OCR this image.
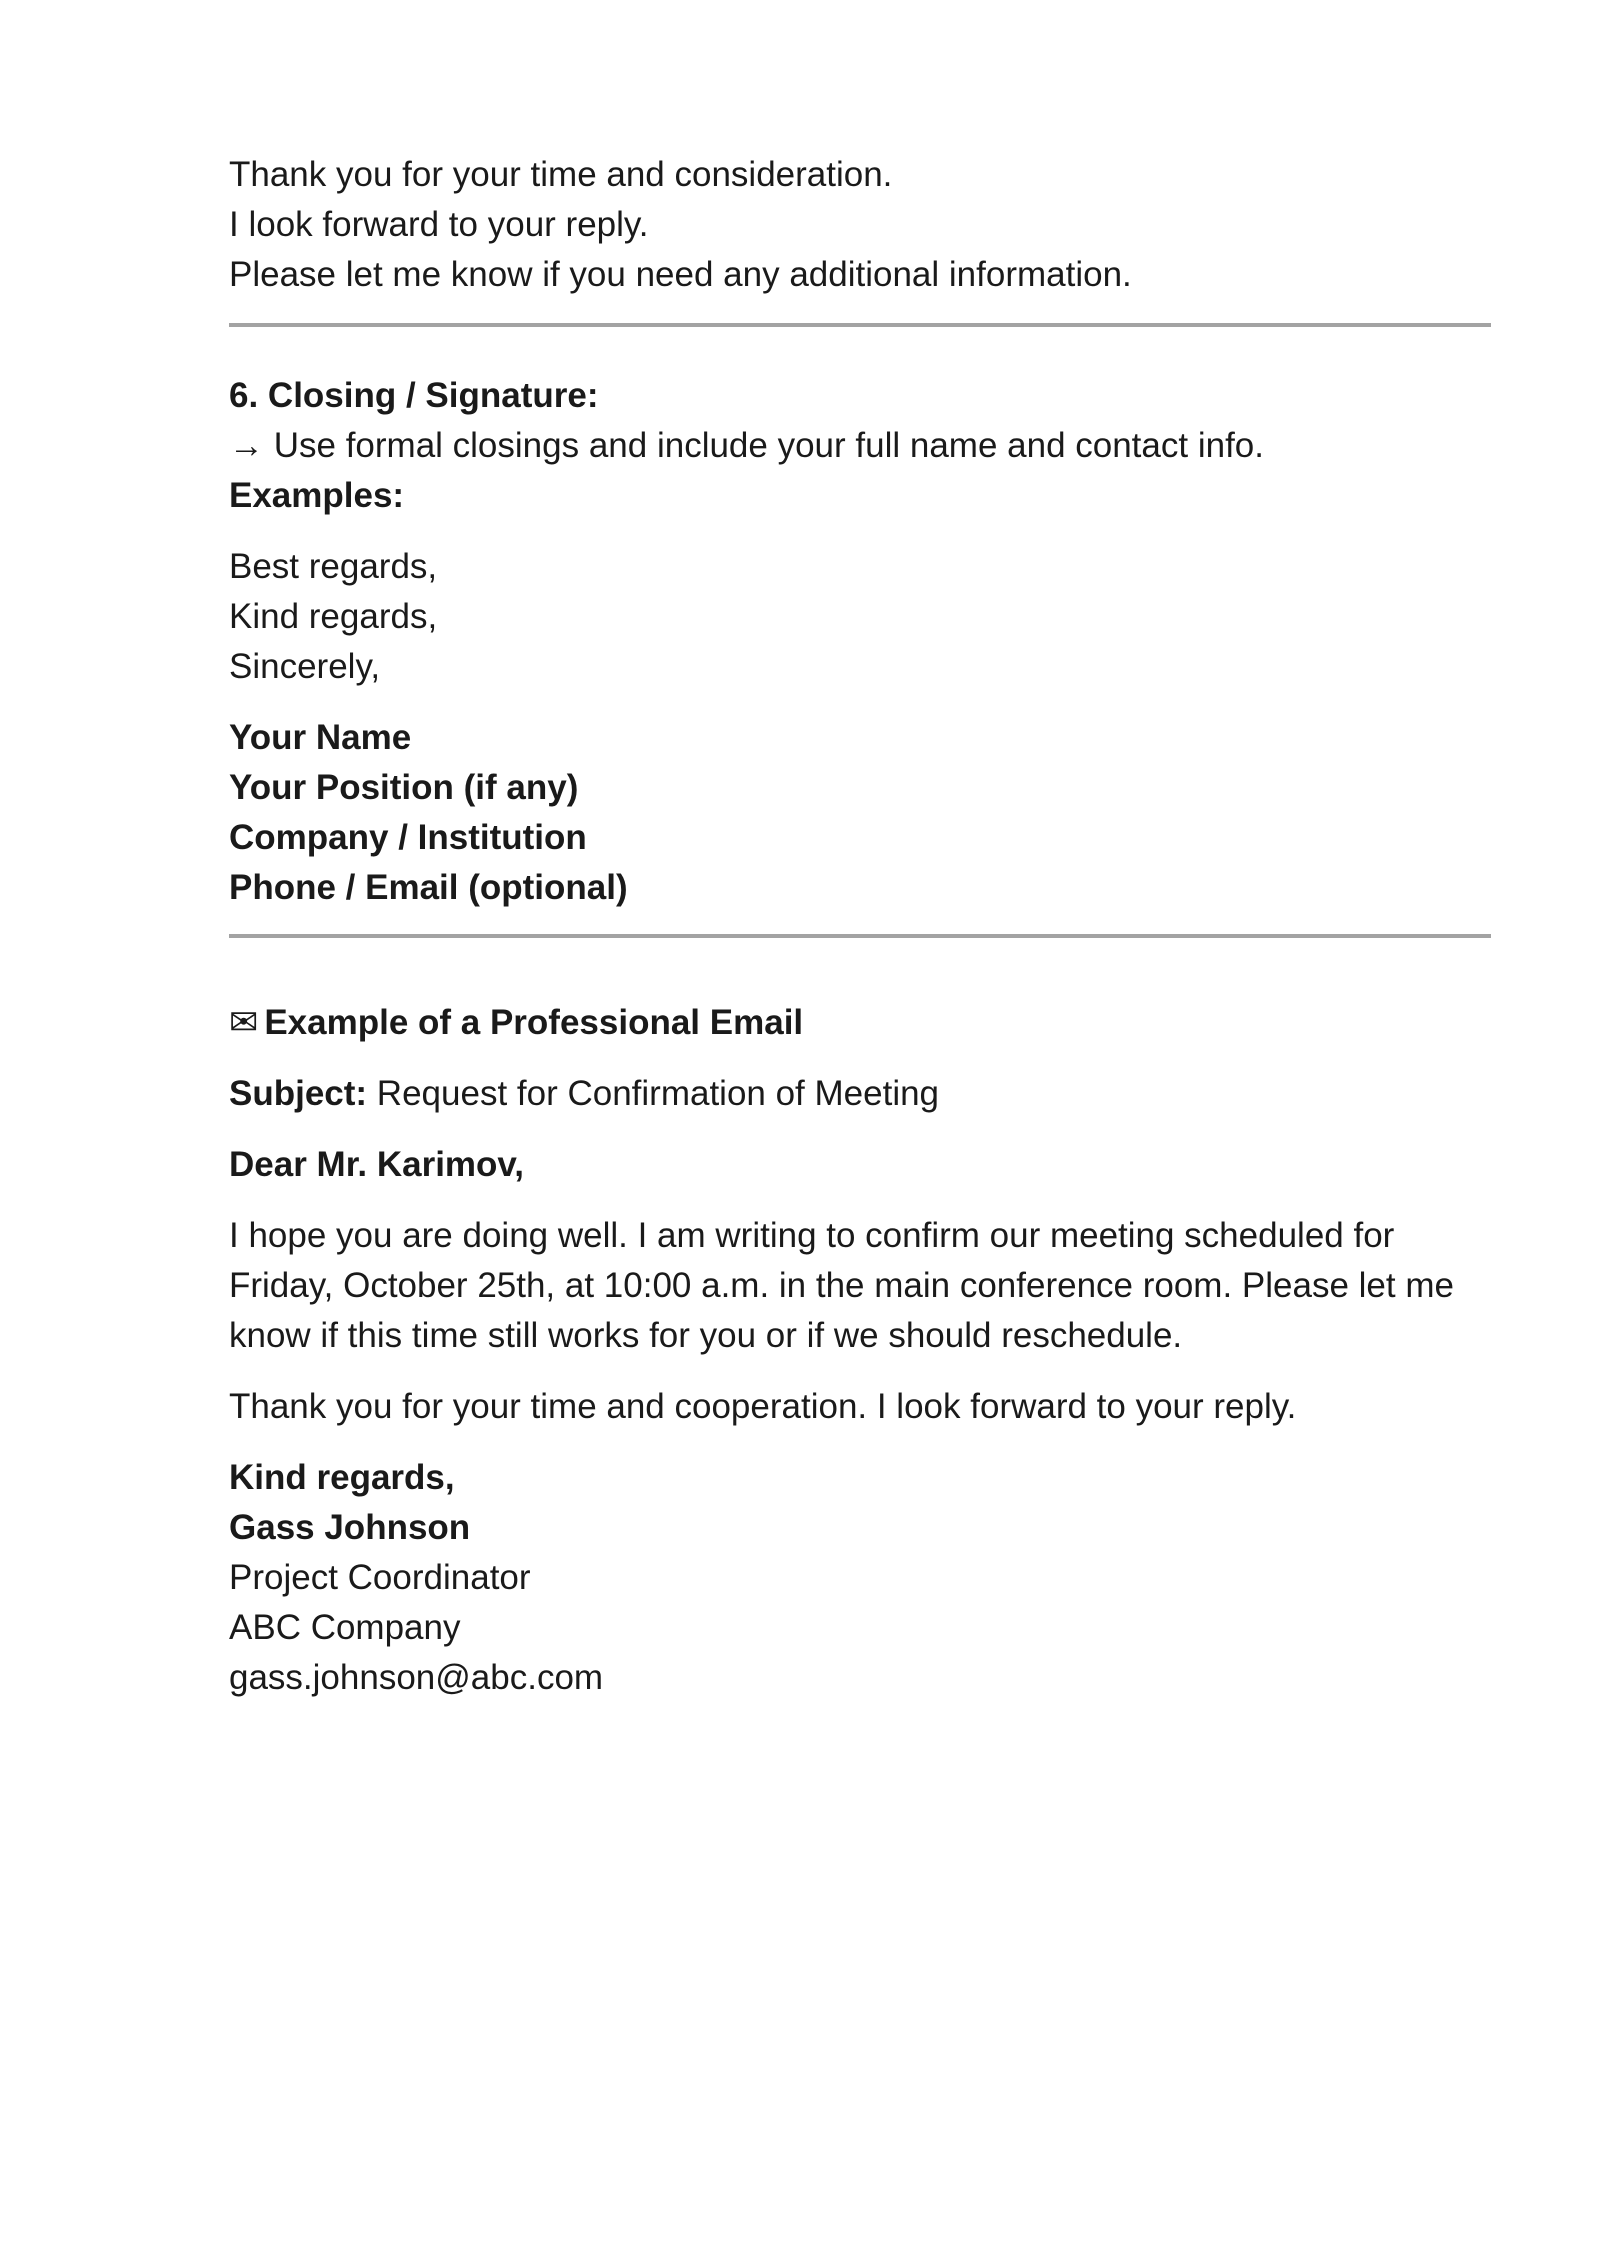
Thank you for your time and consideration.
I look forward to your reply.
Please let me know if you need any additional information.
6. Closing / Signature:
→ Use formal closings and include your full name and contact info.
Examples:
Best regards,
Kind regards,
Sincerely,
Your Name
Your Position (if any)
Company / Institution
Phone / Email (optional)
✉ Example of a Professional Email
Subject: Request for Confirmation of Meeting
Dear Mr. Karimov,
I hope you are doing well. I am writing to confirm our meeting scheduled for
Friday, October 25th, at 10:00 a.m. in the main conference room. Please let me
know if this time still works for you or if we should reschedule.
Thank you for your time and cooperation. I look forward to your reply.
Kind regards,
Gass Johnson
Project Coordinator
ABC Company
gass.johnson@abc.com
